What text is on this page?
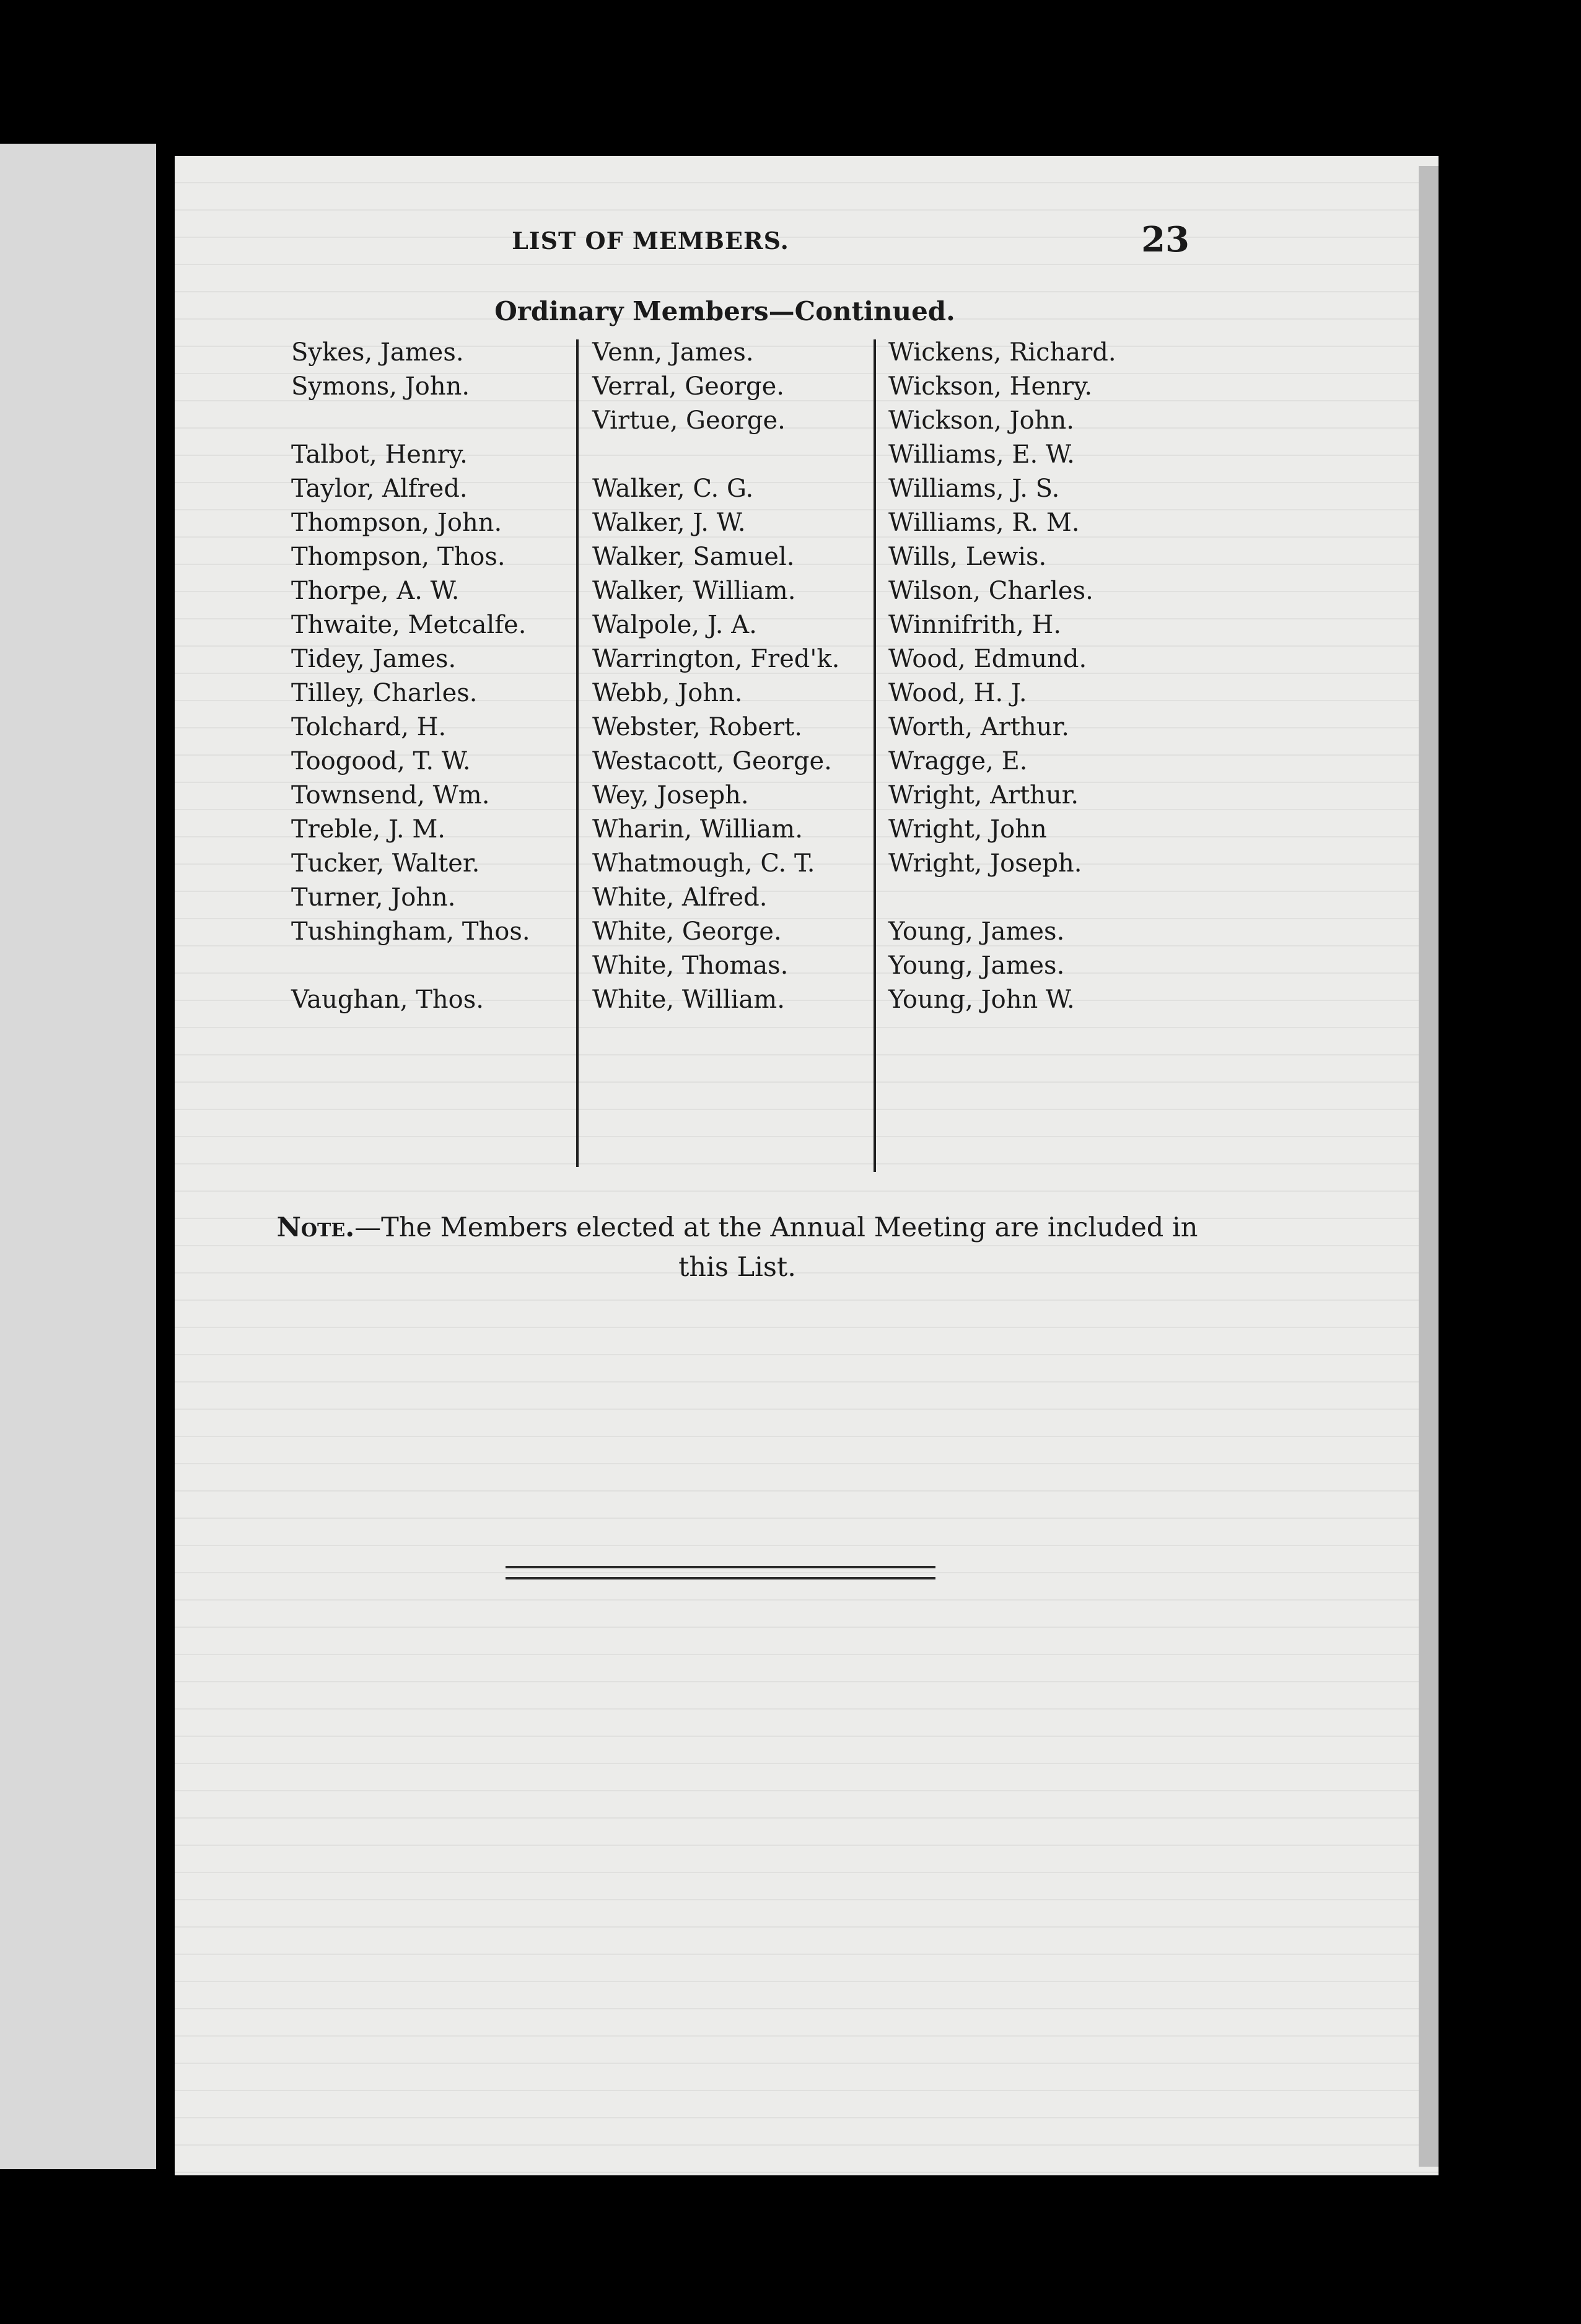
LIST OF MEMBERS.	23
Ordinary Members—Continued.
Sykes, James.
Symons, John.
Talbot, Henry.
Taylor, Alfred.
Thompson, John.
Thompson, Thos.
Thorpe, A. W.
Thwaite, Metcalfe.
Tidey, James.
Tilley, Charles.
Tolchard, H.
Toogood, T. W.
Townsend, Wm.
Treble, J. M.
Tucker, Walter.
Turner, John.
Tushingham, Thos.
Vaughan, Thos.
Venn, James.
Verral, George.
Virtue, George.
Walker, C. G.
Walker, J. W.
Walker, Samuel.
Walker, William.
Walpole, J. A.
Warrington, Fred'k.
Webb, John.
Webster, Robert.
Westacott, George.
Wey, Joseph.
Wharin, William.
Whatmough, C. T.
White, Alfred.
White, George.
White, Thomas.
White, William.
Wickens, Richard.
Wickson, Henry.
Wickson, John.
Williams, E. W.
Williams, J. S.
Williams, R. M.
Wills, Lewis.
Wilson, Charles.
Winnifrith, H.
Wood, Edmund.
Wood, H. J.
Worth, Arthur.
Wragge, E.
Wright, Arthur.
Wright, John
Wright, Joseph.
Young, James.
Young, James.
Young, John W.
Note.—The Members elected at the Annual Meeting are included in this List.
